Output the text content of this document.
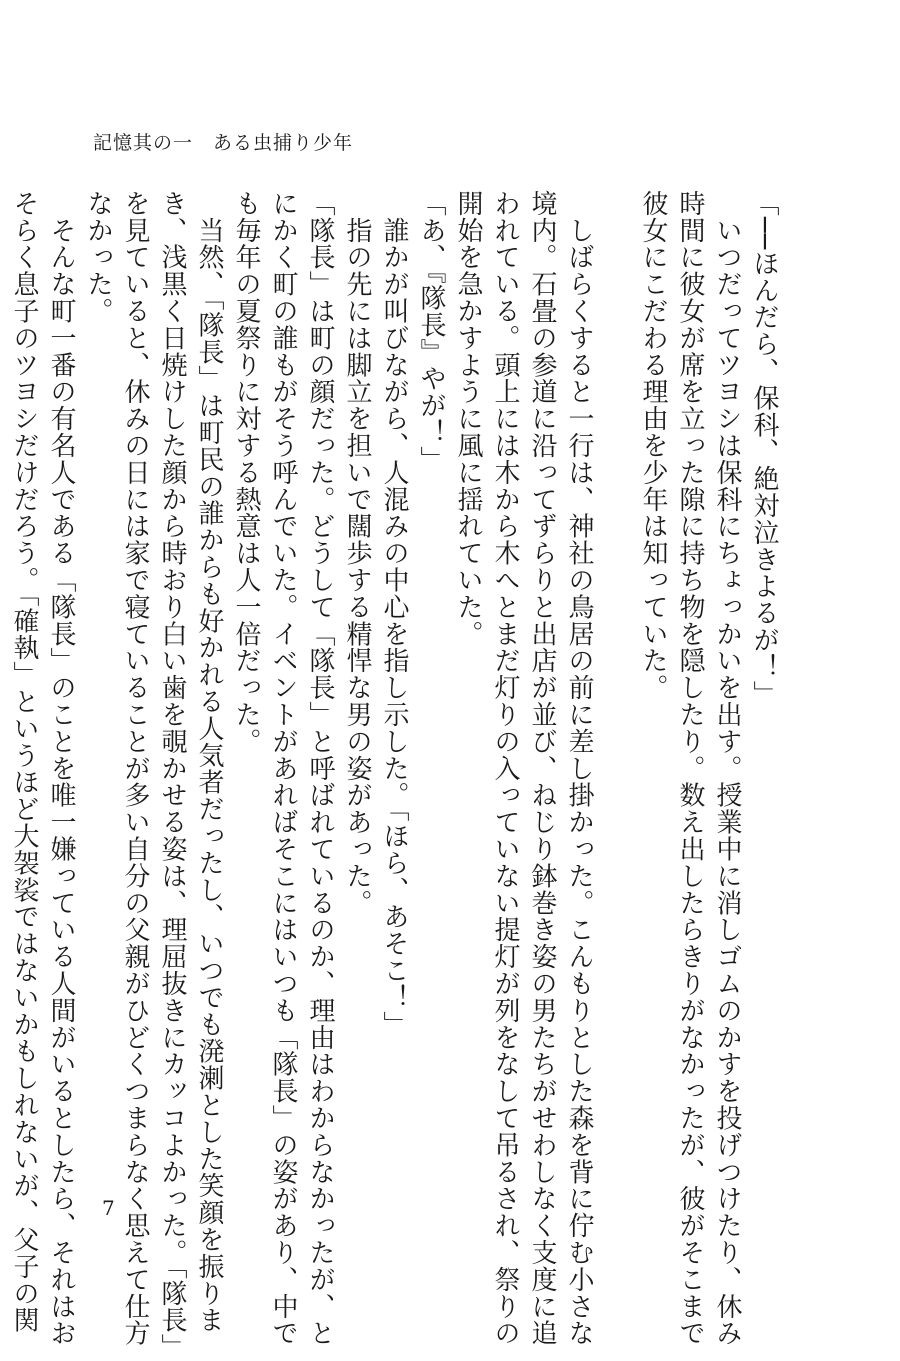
記憶其の一　ある虫捕り少年
「──ほんだら、保科、絶対泣きよるが！」
　いつだってツヨシは保科にちょっかいを出す。授業中に消しゴムのかすを投げつけたり、休み
時間に彼女が席を立った隙に持ち物を隠したり。数え出したらきりがなかったが、彼がそこまで
彼女にこだわる理由を少年は知っていた。
　しばらくすると一行は、神社の鳥居の前に差し掛かった。こんもりとした森を背に佇む小さな
境内。石畳の参道に沿ってずらりと出店が並び、ねじり鉢巻き姿の男たちがせわしなく支度に追
われている。頭上には木から木へとまだ灯りの入っていない提灯が列をなして吊るされ、祭りの
開始を急かすように風に揺れていた。
「あ、『隊長』やが！」
　誰かが叫びながら、人混みの中心を指し示した。「ほら、あそこ！」
　指の先には脚立を担いで闊歩する精悍な男の姿があった。
「隊長」は町の顔だった。どうして「隊長」と呼ばれているのか、理由はわからなかったが、と
にかく町の誰もがそう呼んでいた。イベントがあればそこにはいつも「隊長」の姿があり、中で
も毎年の夏祭りに対する熱意は人一倍だった。
　当然、「隊長」は町民の誰からも好かれる人気者だったし、いつでも溌溂とした笑顔を振りま
き、浅黒く日焼けした顔から時おり白い歯を覗かせる姿は、理屈抜きにカッコよかった。「隊長」
を見ていると、休みの日には家で寝ていることが多い自分の父親がひどくつまらなく思えて仕方
なかった。
　そんな町一番の有名人である「隊長」のことを唯一嫌っている人間がいるとしたら、それはお
そらく息子のツヨシだけだろう。「確執」というほど大袈裟ではないかもしれないが、父子の関	7
